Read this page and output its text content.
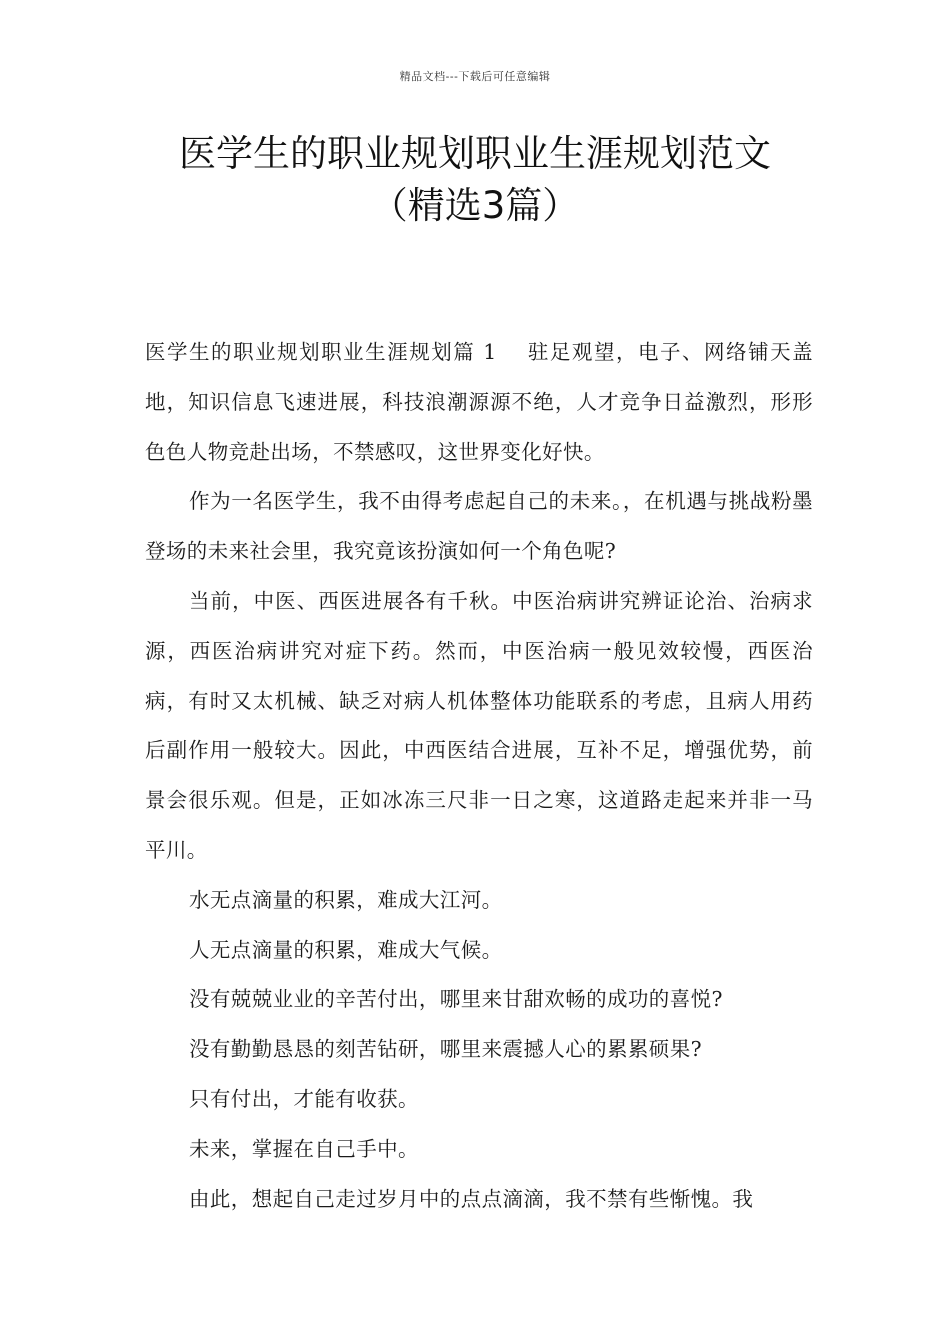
精品文档---下载后可任意编辑
医学生的职业规划职业生涯规划范文
（精选3篇）

医学生的职业规划职业生涯规划篇 1 驻足观望，电子、网络铺天盖地，知识信息飞速进展，科技浪潮源源不绝，人才竞争日益激烈，形形色色人物竞赴出场，不禁感叹，这世界变化好快。

作为一名医学生，我不由得考虑起自己的未来。，在机遇与挑战粉墨登场的未来社会里，我究竟该扮演如何一个角色呢?

当前，中医、西医进展各有千秋。中医治病讲究辨证论治、治病求源，西医治病讲究对症下药。然而，中医治病一般见效较慢，西医治病，有时又太机械、缺乏对病人机体整体功能联系的考虑，且病人用药后副作用一般较大。因此，中西医结合进展，互补不足，增强优势，前景会很乐观。但是，正如冰冻三尺非一日之寒，这道路走起来并非一马平川。

水无点滴量的积累，难成大江河。

人无点滴量的积累，难成大气候。

没有兢兢业业的辛苦付出，哪里来甘甜欢畅的成功的喜悦?

没有勤勤恳恳的刻苦钻研，哪里来震撼人心的累累硕果?

只有付出，才能有收获。

未来，掌握在自己手中。

由此，想起自己走过岁月中的点点滴滴，我不禁有些惭愧。我
